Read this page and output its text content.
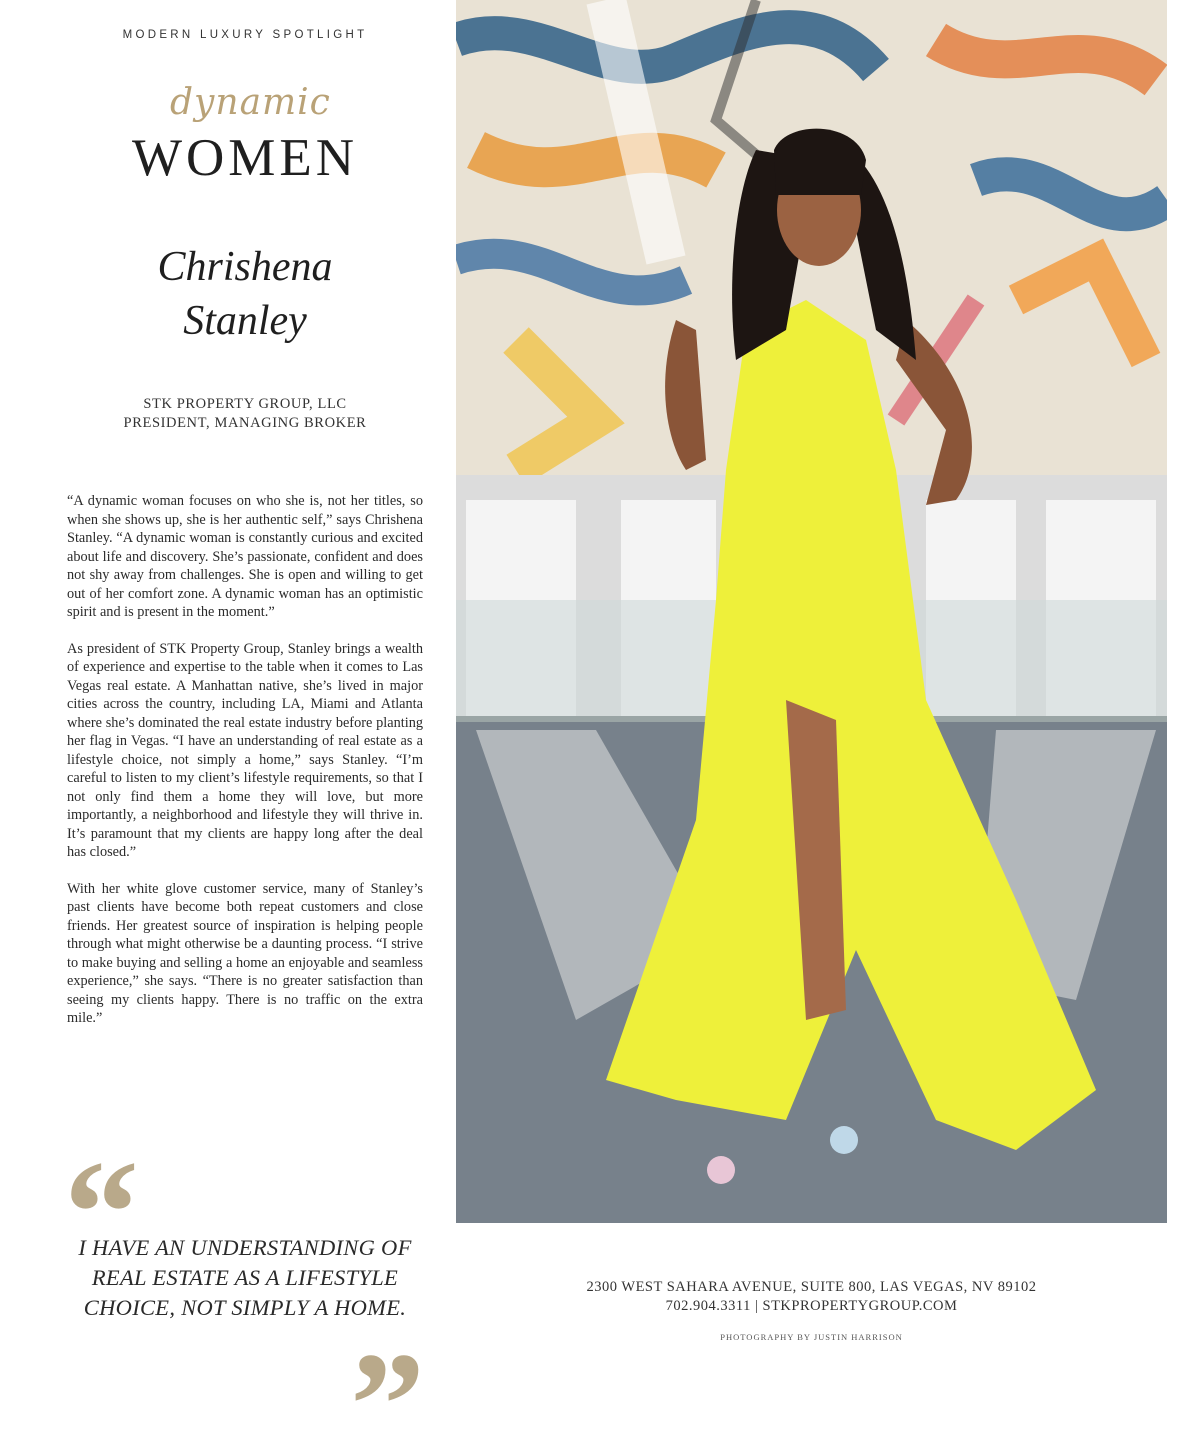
MODERN LUXURY SPOTLIGHT
dynamic
WOMEN
Chrishena
Stanley
STK PROPERTY GROUP, LLC
PRESIDENT, MANAGING BROKER

“A dynamic woman focuses on who she is, not her titles, so when she shows up, she is her authentic self,” says Chrishena Stanley. “A dynamic woman is constantly curious and excited about life and discovery. She’s passionate, confident and does not shy away from challenges. She is open and willing to get out of her comfort zone. A dynamic woman has an optimistic spirit and is present in the moment.”

As president of STK Property Group, Stanley brings a wealth of experience and expertise to the table when it comes to Las Vegas real estate. A Manhattan native, she’s lived in major cities across the country, including LA, Miami and Atlanta where she’s dominated the real estate industry before planting her flag in Vegas. “I have an understanding of real estate as a lifestyle choice, not simply a home,” says Stanley. “I’m careful to listen to my client’s lifestyle requirements, so that I not only find them a home they will love, but more importantly, a neighborhood and lifestyle they will thrive in. It’s paramount that my clients are happy long after the deal has closed.”

With her white glove customer service, many of Stanley’s past clients have become both repeat customers and close friends. Her greatest source of inspiration is helping people through what might otherwise be a daunting process. “I strive to make buying and selling a home an enjoyable and seamless experience,” she says. “There is no greater satisfaction than seeing my clients happy. There is no traffic on the extra mile.”

“
I HAVE AN UNDERSTANDING OF REAL ESTATE AS A LIFESTYLE CHOICE, NOT SIMPLY A HOME.
”
2300 WEST SAHARA AVENUE, SUITE 800, LAS VEGAS, NV 89102
702.904.3311 | STKPROPERTYGROUP.COM
PHOTOGRAPHY BY JUSTIN HARRISON
